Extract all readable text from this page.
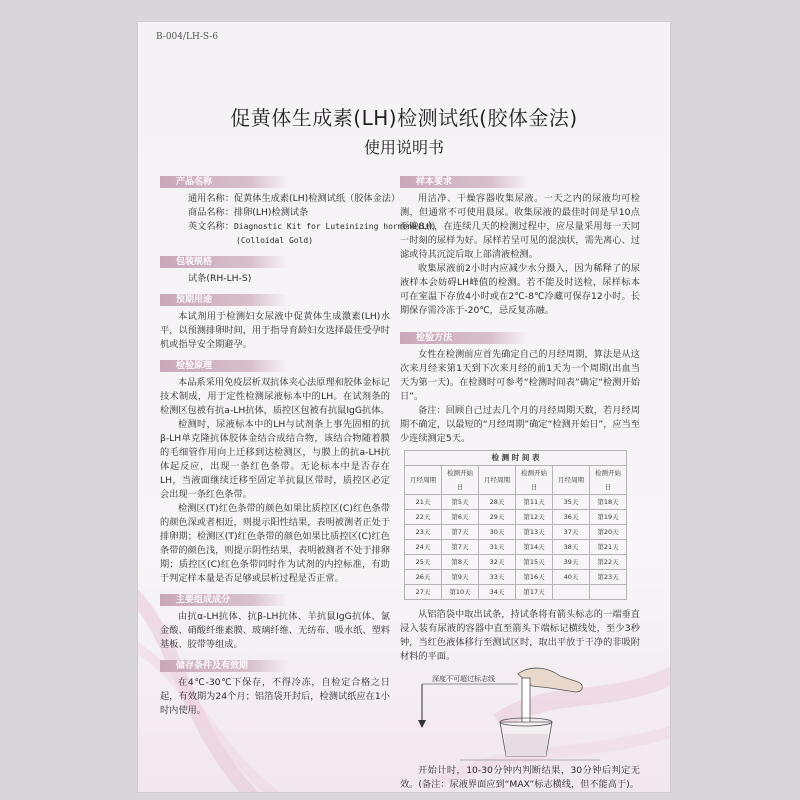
B-004/LH-S-6
促黄体生成素(LH)检测试纸(胶体金法)
使用说明书
产品名称
通用名称：促黄体生成素(LH)检测试纸（胶体金法）
商品名称：排卵(LH)检测试条
英文名称：Diagnostic Kit for Luteinizing hormone(LH)
(Colloidal Gold)
包装规格
试条(RH-LH-S)
预期用途

本试剂用于检测妇女尿液中促黄体生成激素(LH)水平，以预测排卵时间，用于指导育龄妇女选择最佳受孕时机或指导安全期避孕。

检验原理

本品系采用免疫层析双抗体夹心法原理和胶体金标记技术制成，用于定性检测尿液标本中的LH。在试剂条的检测区包被有抗a-LH抗体，质控区包被有抗鼠IgG抗体。

检测时，尿液标本中的LH与试剂条上事先固相的抗β-LH单克隆抗体胶体金结合成结合物，该结合物随着膜的毛细管作用向上迁移到达检测区，与膜上的抗a-LH抗体起反应，出现一条红色条带。无论标本中是否存在LH，当液面继续迁移至固定羊抗鼠区带时，质控区必定会出现一条红色条带。

检测区(T)红色条带的颜色如果比质控区(C)红色条带的颜色深或者相近，则提示阳性结果，表明被测者正处于排卵期；检测区(T)红色条带的颜色如果比质控区(C)红色条带的颜色浅，则提示阴性结果，表明被测者不处于排卵期；质控区(C)红色条带同时作为试剂的内控标准，有助于判定样本量是否足够或层析过程是否正常。

主要组成成分

由抗α-LH抗体、抗β-LH抗体、羊抗鼠IgG抗体、氯金酸、硝酸纤维素膜、玻璃纤维、无纺布、吸水纸、塑料基板、胶带等组成。

储存条件及有效期

在4℃-30℃下保存，不得冷冻，自检定合格之日起，有效期为24个月；铝箔袋开封后，检测试纸应在1小时内使用。

样本要求

用洁净、干燥容器收集尿液。一天之内的尿液均可检测，但通常不可使用晨尿。收集尿液的最佳时间是早10点至晚8点，在连续几天的检测过程中，应尽量采用每一天同一时刻的尿样为好。尿样若呈可见的混浊状，需先离心、过滤或待其沉淀后取上部清液检测。

收集尿液前2小时内应减少水分摄入，因为稀释了的尿液样本会妨碍LH峰值的检测。若不能及时送检，尿样标本可在室温下存放4小时或在2℃-8℃冷藏可保存12小时。长期保存需冷冻于-20℃，忌反复冻融。

检验方法

女性在检测前应首先确定自己的月经周期，算法是从这次来月经来第1天到下次来月经的前1天为一个周期(出血当天为第一天)。在检测时可参考“检测时间表”确定“检测开始日”。

备注：回顾自己过去几个月的月经周期天数，若月经周期不确定，以最短的“月经周期”确定“检测开始日”，应当至少连续测定5天。

检 测 时 间 表					
月经周期	检测开始日	月经周期	检测开始日	月经周期	检测开始日
21天	第5天	28天	第11天	35天	第18天
22天	第6天	29天	第12天	36天	第19天
23天	第7天	30天	第13天	37天	第20天
24天	第7天	31天	第14天	38天	第21天
25天	第8天	32天	第15天	39天	第22天
26天	第9天	33天	第16天	40天	第23天
27天	第10天	34天	第17天		

从铝箔袋中取出试条，持试条将有箭头标志的一端垂直浸入装有尿液的容器中直至箭头下端标记横线处，至少3秒钟，当红色液体移行至测试区时，取出平放于干净的非吸附材料的平面。

深度不可超过标志线

开始计时，10-30分钟内判断结果，30分钟后判定无效。(备注：尿液界面应到“MAX”标志横线，但不能高于)。
